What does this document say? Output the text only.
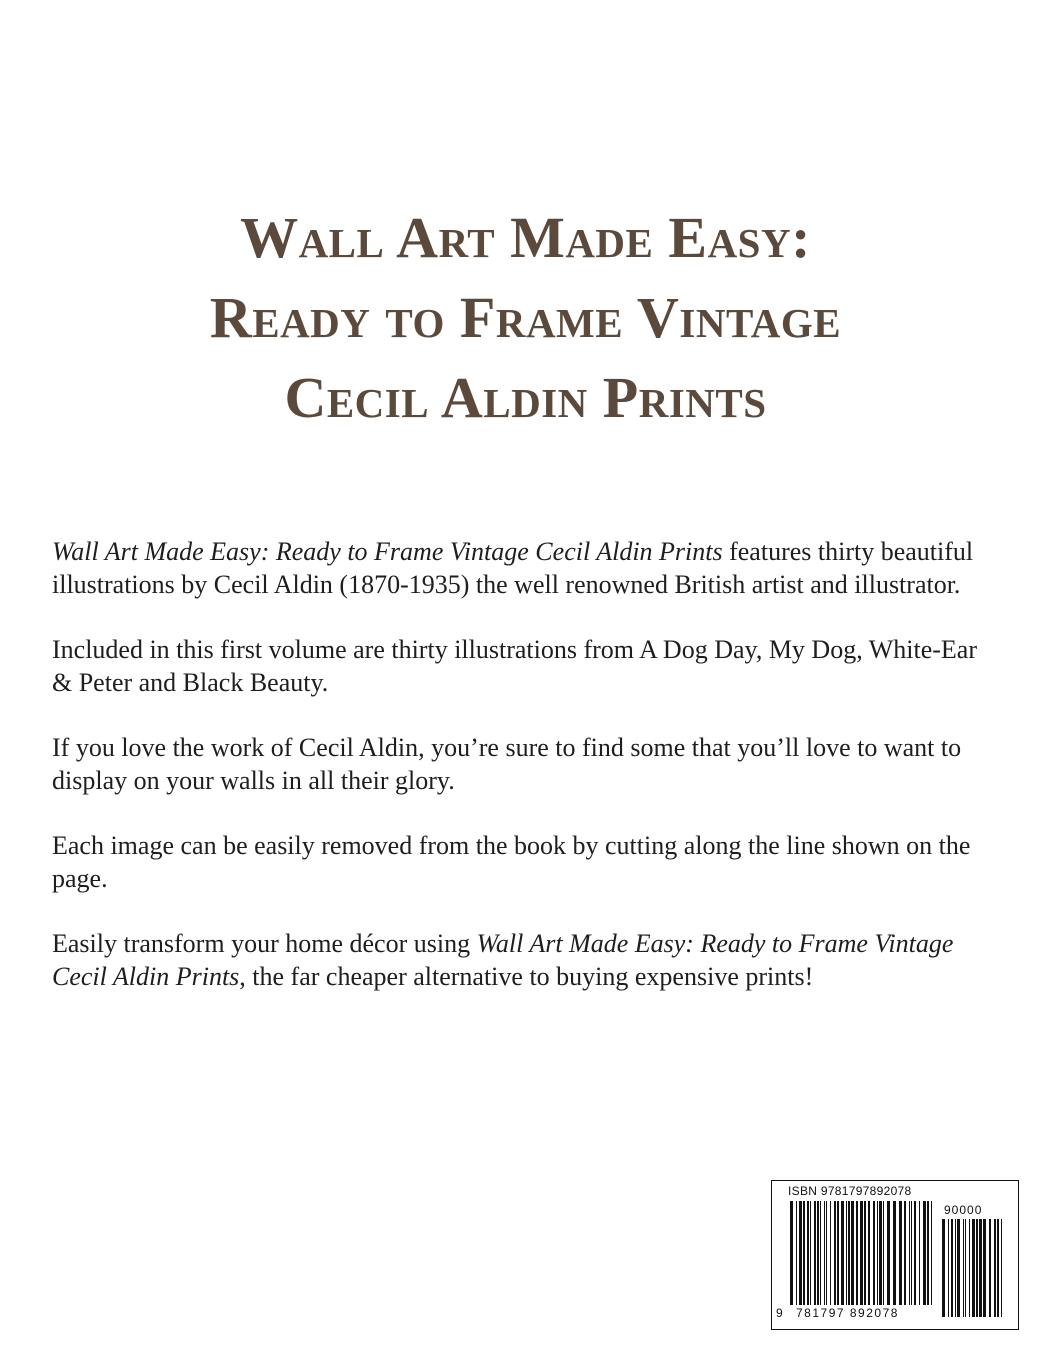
Wall Art Made Easy:
Ready to Frame Vintage
Cecil Aldin Prints

Wall Art Made Easy: Ready to Frame Vintage Cecil Aldin Prints features thirty beautiful illustrations by Cecil Aldin (1870-1935) the well renowned British artist and illustrator.

Included in this first volume are thirty illustrations from A Dog Day, My Dog, White-Ear & Peter and Black Beauty.

If you love the work of Cecil Aldin, you’re sure to find some that you’ll love to want to display on your walls in all their glory.

Each image can be easily removed from the book by cutting along the line shown on the page.

Easily transform your home décor using Wall Art Made Easy: Ready to Frame Vintage Cecil Aldin Prints, the far cheaper alternative to buying expensive prints!

ISBN 9781797892078
9 781797 892078
90000
